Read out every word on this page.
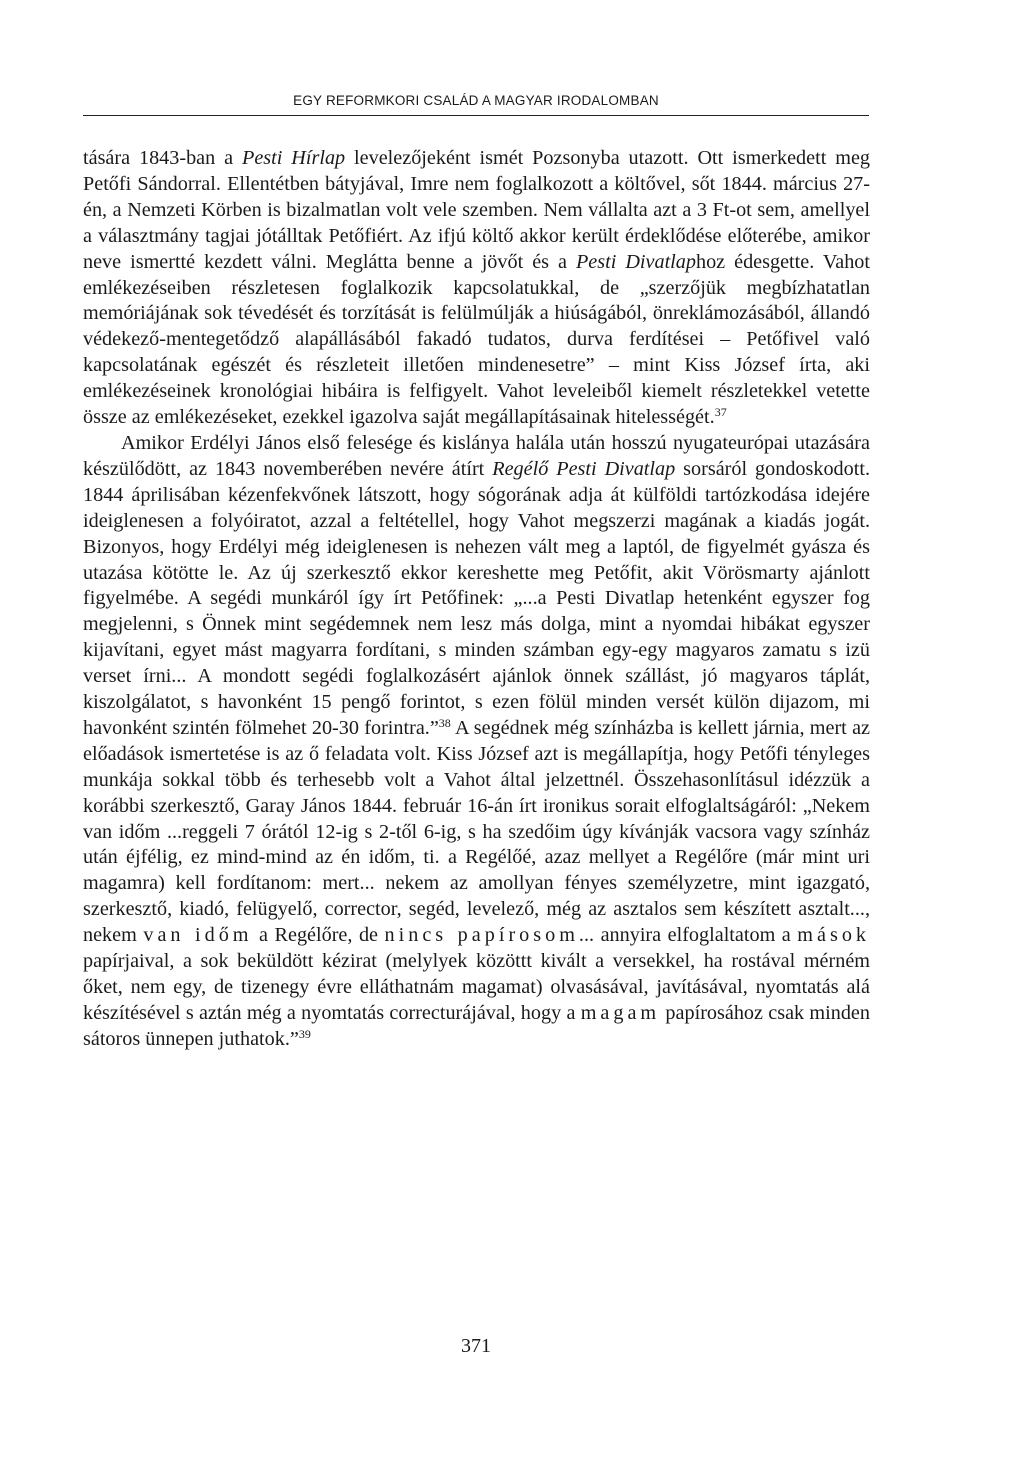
EGY REFORMKORI CSALÁD A MAGYAR IRODALOMBAN

tására 1843-ban a Pesti Hírlap levelezőjeként ismét Pozsonyba utazott. Ott ismerkedett meg Petőfi Sándorral. Ellentétben bátyjával, Imre nem foglalkozott a költővel, sőt 1844. március 27-én, a Nemzeti Körben is bizalmatlan volt vele szemben. Nem vállalta azt a 3 Ft-ot sem, amellyel a választmány tagjai jótálltak Petőfiért. Az ifjú költő akkor került érdeklődése előterébe, amikor neve ismertté kezdett válni. Meglátta benne a jövőt és a Pesti Divatlaphoz édesgette. Vahot emlékezéseiben részletesen foglalkozik kapcsolatukkal, de „szerzőjük megbízhatatlan memóriájának sok tévedését és torzítását is felülmúlják a hiúságából, önreklámozásából, állandó védekező-mentegetődző alapállásából fakadó tudatos, durva ferdítései – Petőfivel való kapcsolatának egészét és részleteit illetően mindenesetre” – mint Kiss József írta, aki emlékezéseinek kronológiai hibáira is felfigyelt. Vahot leveleiből kiemelt részletekkel vetette össze az emlékezéseket, ezekkel igazolva saját megállapításainak hitelességét.$^{37}$

Amikor Erdélyi János első felesége és kislánya halála után hosszú nyugateurópai utazására készülődött, az 1843 novemberében nevére átírt Regélő Pesti Divatlap sorsáról gondoskodott. 1844 áprilisában kézenfekvőnek látszott, hogy sógorának adja át külföldi tartózkodása idejére ideiglenesen a folyóiratot, azzal a feltétellel, hogy Vahot megszerzi magának a kiadás jogát. Bizonyos, hogy Erdélyi még ideiglenesen is nehezen vált meg a laptól, de figyelmét gyásza és utazása kötötte le. Az új szerkesztő ekkor kereshette meg Petőfit, akit Vörösmarty ajánlott figyelmébe. A segédi munkáról így írt Petőfinek: „...a Pesti Divatlap hetenként egyszer fog megjelenni, s Önnek mint segédemnek nem lesz más dolga, mint a nyomdai hibákat egyszer kijavítani, egyet mást magyarra fordítani, s minden számban egy-egy magyaros zamatu s izü verset írni... A mondott segédi foglalkozásért ajánlok önnek szállást, jó magyaros táplát, kiszolgálatot, s havonként 15 pengő forintot, s ezen fölül minden versét külön dijazom, mi havonként szintén fölmehet 20-30 forintra.”$^{38}$ A segédnek még színházba is kellett járnia, mert az előadások ismertetése is az ő feladata volt. Kiss József azt is megállapítja, hogy Petőfi tényleges munkája sokkal több és terhesebb volt a Vahot által jelzettnél. Összehasonlításul idézzük a korábbi szerkesztő, Garay János 1844. február 16-án írt ironikus sorait elfoglaltságáról: „Nekem van időm ...reggeli 7 órától 12-ig s 2-től 6-ig, s ha szedőim úgy kívánják vacsora vagy színház után éjfélig, ez mind-mind az én időm, ti. a Regélőé, azaz mellyet a Regélőre (már mint uri magamra) kell fordítanom: mert... nekem az amollyan fényes személyzetre, mint igazgató, szerkesztő, kiadó, felügyelő, corrector, segéd, levelező, még az asztalos sem készített asztalt..., nekem van időm a Regélőre, de nincs papírosom... annyira elfoglaltatom a mások papírjaival, a sok beküldött kézirat (melylyek közöttt kivált a versekkel, ha rostával mérném őket, nem egy, de tizenegy évre elláthatnám magamat) olvasásával, javításával, nyomtatás alá készítésével s aztán még a nyomtatás correcturájával, hogy a magam papírosához csak minden sátoros ünnepen juthatok.”$^{39}$

371
